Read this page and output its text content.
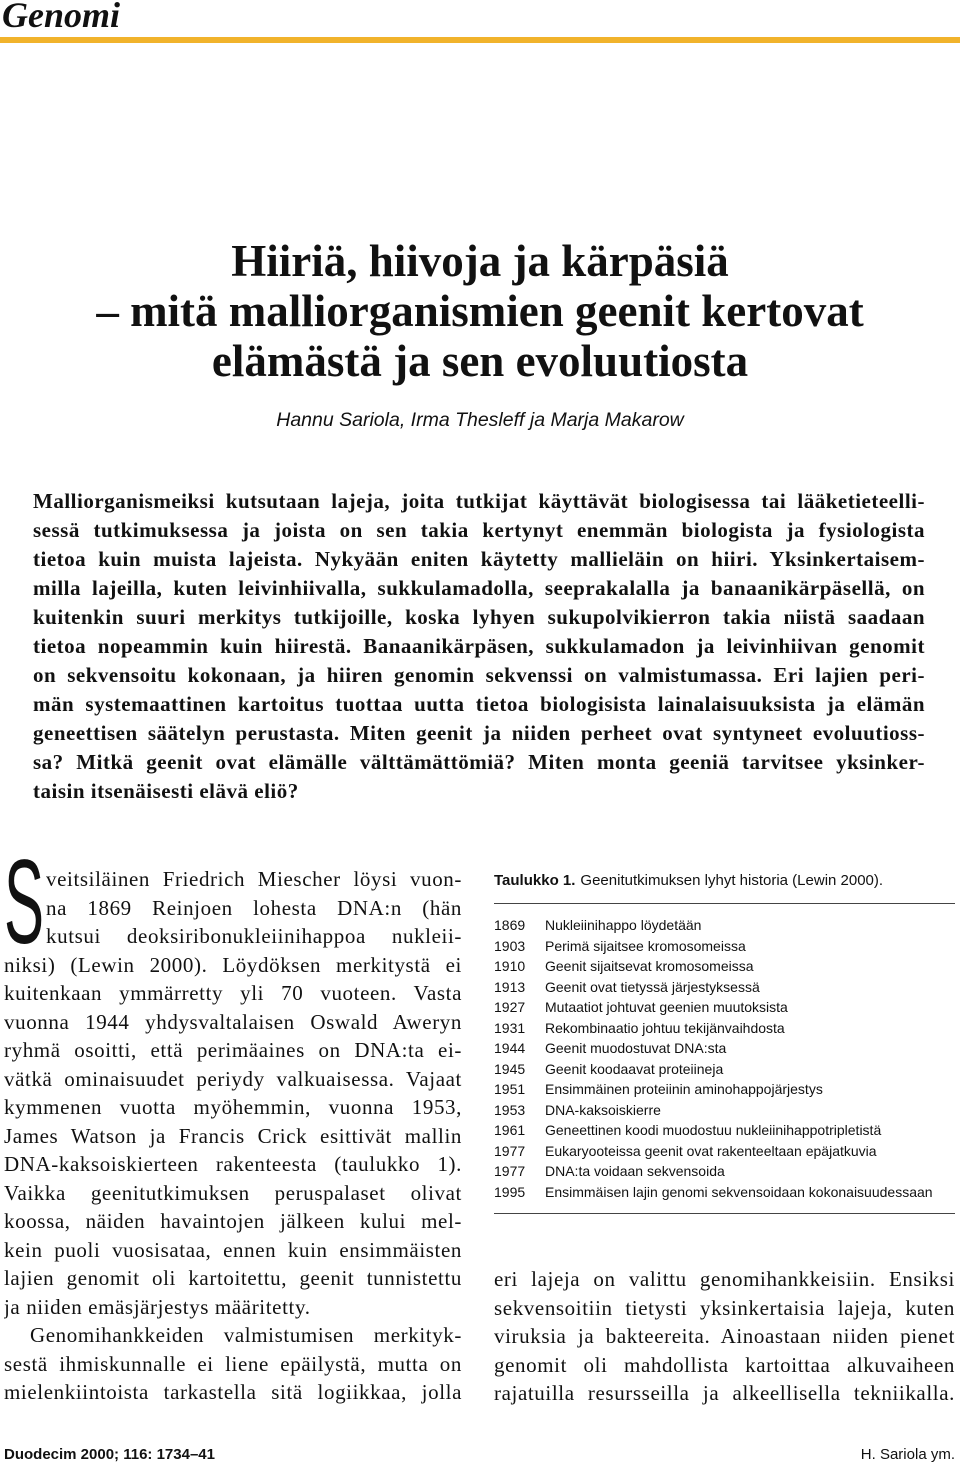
Genomi
Hiiriä, hiivoja ja kärpäsiä
– mitä malliorganismien geenit kertovat
elämästä ja sen evoluutiosta
Hannu Sariola, Irma Thesleff ja Marja Makarow
Malliorganismeiksi kutsutaan lajeja, joita tutkijat käyttävät biologisessa tai lääketieteelli-
sessä tutkimuksessa ja joista on sen takia kertynyt enemmän biologista ja fysiologista
tietoa kuin muista lajeista. Nykyään eniten käytetty mallieläin on hiiri. Yksinkertaisem-
milla lajeilla, kuten leivinhiivalla, sukkulamadolla, seeprakalalla ja banaanikärpäsellä, on
kuitenkin suuri merkitys tutkijoille, koska lyhyen sukupolvikierron takia niistä saadaan
tietoa nopeammin kuin hiirestä. Banaanikärpäsen, sukkulamadon ja leivinhiivan genomit
on sekvensoitu kokonaan, ja hiiren genomin sekvenssi on valmistumassa. Eri lajien peri-
män systemaattinen kartoitus tuottaa uutta tietoa biologisista lainalaisuuksista ja elämän
geneettisen säätelyn perustasta. Miten geenit ja niiden perheet ovat syntyneet evoluutioss-
sa? Mitkä geenit ovat elämälle välttämättömiä? Miten monta geeniä tarvitsee yksinker-
taisin itsenäisesti elävä eliö?
S veitsiläinen Friedrich Miescher löysi vuon-
na 1869 Reinjoen lohesta DNA:n (hän
kutsui deoksiribonukleiinihappoa nukleii-
niksi) (Lewin 2000). Löydöksen merkitystä ei
kuitenkaan ymmärretty yli 70 vuoteen. Vasta
vuonna 1944 yhdysvaltalaisen Oswald Aweryn
ryhmä osoitti, että perimäaines on DNA:ta ei-
vätkä ominaisuudet periydy valkuaisessa. Vajaat
kymmenen vuotta myöhemmin, vuonna 1953,
James Watson ja Francis Crick esittivät mallin
DNA-kaksoiskierteen rakenteesta (taulukko 1).
Vaikka geenitutkimuksen peruspalaset olivat
koossa, näiden havaintojen jälkeen kului mel-
kein puoli vuosisataa, ennen kuin ensimmäisten
lajien genomit oli kartoitettu, geenit tunnistettu
ja niiden emäsjärjestys määritetty.
Genomihankkeiden valmistumisen merkityk-
sestä ihmiskunnalle ei liene epäilystä, mutta on
mielenkiintoista tarkastella sitä logiikkaa, jolla
Taulukko 1. Geenitutkimuksen lyhyt historia (Lewin 2000).
1869 Nukleiinihappo löydetään
1903 Perimä sijaitsee kromosomeissa
1910 Geenit sijaitsevat kromosomeissa
1913 Geenit ovat tietyssä järjestyksessä
1927 Mutaatiot johtuvat geenien muutoksista
1931 Rekombinaatio johtuu tekijänvaihdosta
1944 Geenit muodostuvat DNA:sta
1945 Geenit koodaavat proteiineja
1951 Ensimmäinen proteiinin aminohappojärjestys
1953 DNA-kaksoiskierre
1961 Geneettinen koodi muodostuu nukleiinihappotripletistä
1977 Eukaryooteissa geenit ovat rakenteeltaan epäjatkuvia
1977 DNA:ta voidaan sekvensoida
1995 Ensimmäisen lajin genomi sekvensoidaan kokonaisuudessaan
eri lajeja on valittu genomihankkeisiin. Ensiksi
sekvensoitiin tietysti yksinkertaisia lajeja, kuten
viruksia ja bakteereita. Ainoastaan niiden pienet
genomit oli mahdollista kartoittaa alkuvaiheen
rajatuilla resursseilla ja alkeellisella tekniikalla.
Duodecim 2000; 116: 1734–41	H. Sariola ym.
